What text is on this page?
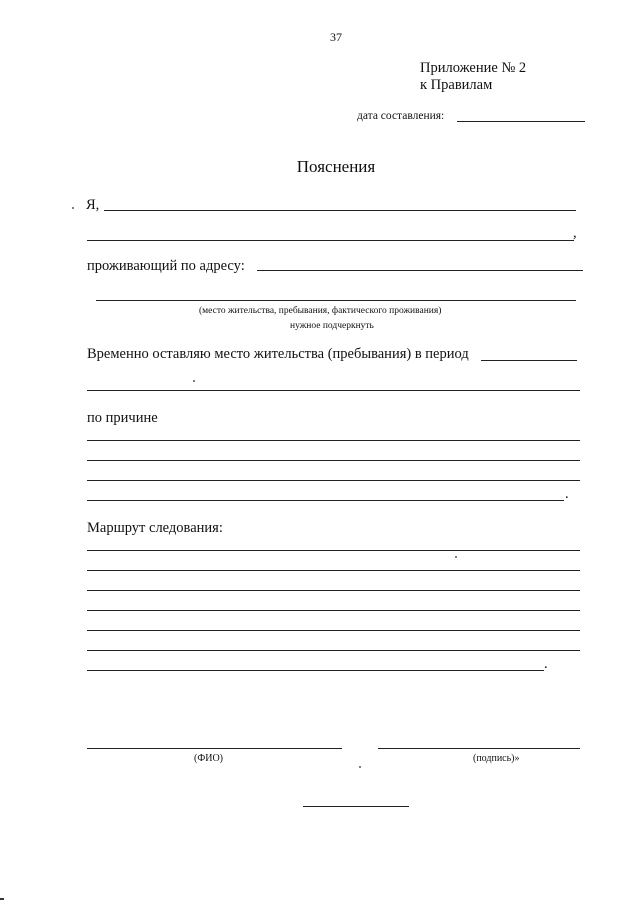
37
Приложение № 2
к Правилам
дата составления:
Пояснения
Я,
,
проживающий по адресу:
(место жительства, пребывания, фактического проживания)
нужное подчеркнуть
Временно оставляю место жительства (пребывания) в период
по причине
.
Маршрут следования:
.
(ФИО)	(подпись)»
